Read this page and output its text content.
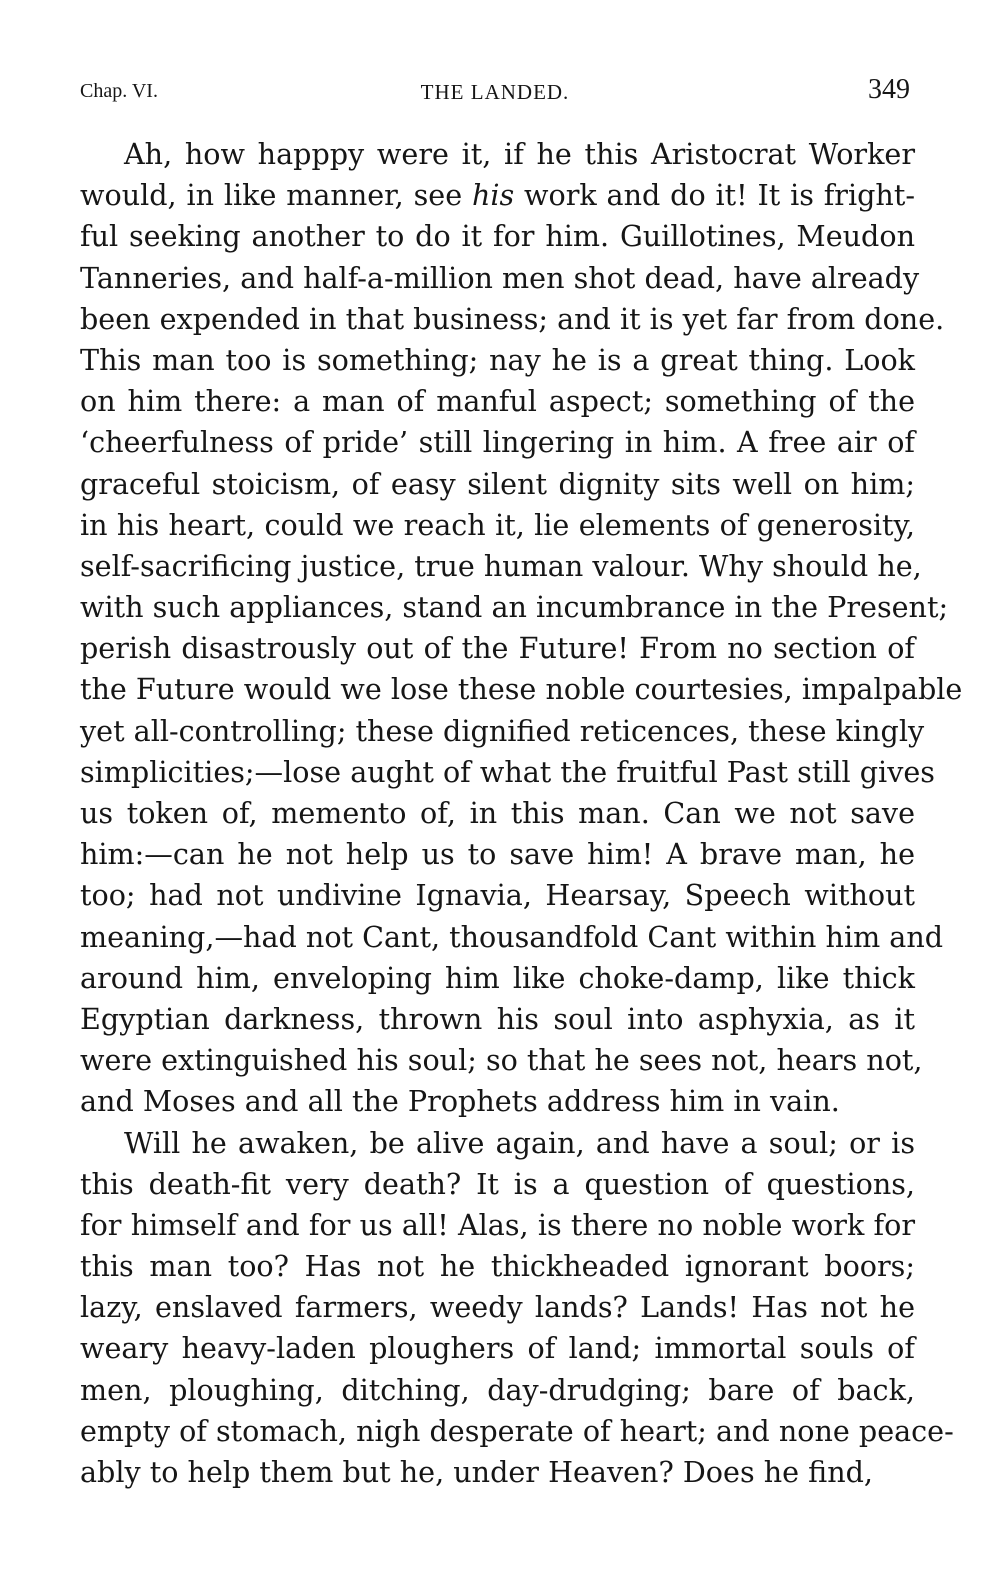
Chap. VI.	THE LANDED.	349
Ah, how happpy were it, if he this Aristocrat Worker
would, in like manner, see his work and do it! It is fright-
ful seeking another to do it for him. Guillotines, Meudon
Tanneries, and half-a-million men shot dead, have already
been expended in that business; and it is yet far from done.
This man too is something; nay he is a great thing. Look
on him there: a man of manful aspect; something of the
‘cheerfulness of pride’ still lingering in him. A free air of
graceful stoicism, of easy silent dignity sits well on him;
in his heart, could we reach it, lie elements of generosity,
self-sacrificing justice, true human valour. Why should he,
with such appliances, stand an incumbrance in the Present;
perish disastrously out of the Future! From no section of
the Future would we lose these noble courtesies, impalpable
yet all-controlling; these dignified reticences, these kingly
simplicities;—lose aught of what the fruitful Past still gives
us token of, memento of, in this man. Can we not save
him:—can he not help us to save him! A brave man, he
too; had not undivine Ignavia, Hearsay, Speech without
meaning,—had not Cant, thousandfold Cant within him and
around him, enveloping him like choke-damp, like thick
Egyptian darkness, thrown his soul into asphyxia, as it
were extinguished his soul; so that he sees not, hears not,
and Moses and all the Prophets address him in vain.
Will he awaken, be alive again, and have a soul; or is
this death-fit very death? It is a question of questions,
for himself and for us all! Alas, is there no noble work for
this man too? Has not he thickheaded ignorant boors;
lazy, enslaved farmers, weedy lands? Lands! Has not he
weary heavy-laden ploughers of land; immortal souls of
men, ploughing, ditching, day-drudging; bare of back,
empty of stomach, nigh desperate of heart; and none peace-
ably to help them but he, under Heaven? Does he find,
